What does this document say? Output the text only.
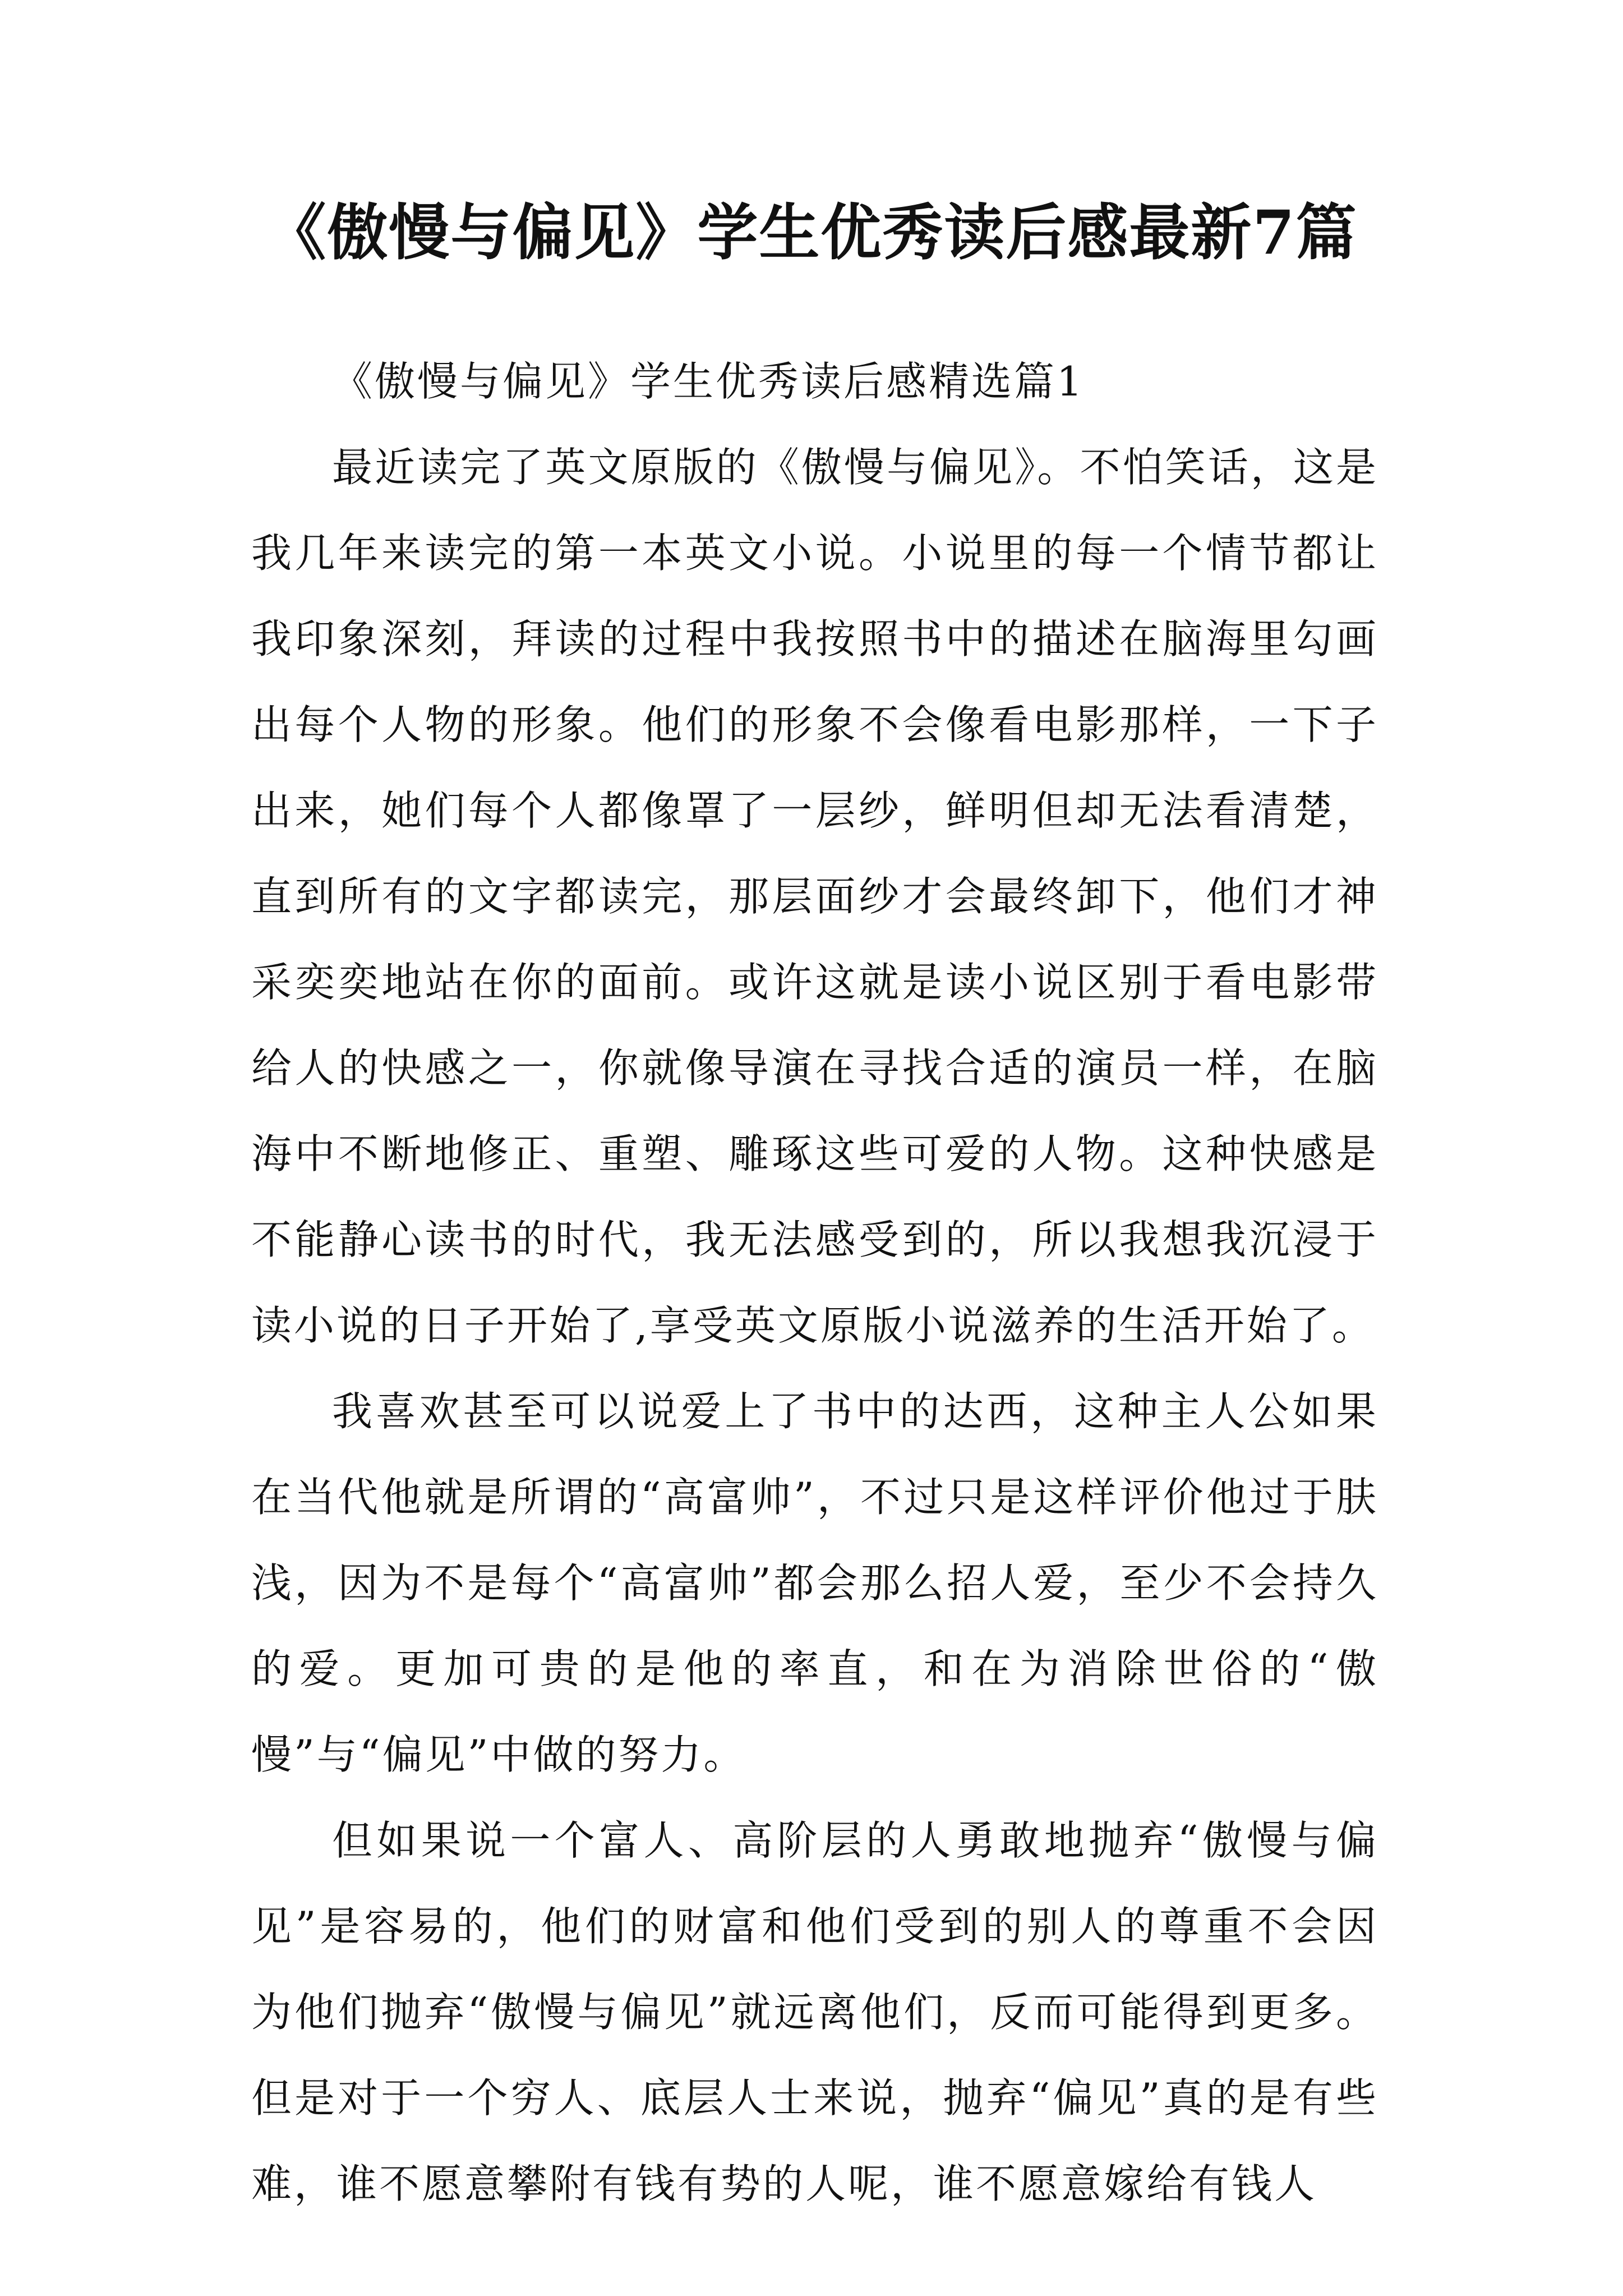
《傲慢与偏见》学生优秀读后感最新7篇

《傲慢与偏见》学生优秀读后感精选篇1

最近读完了英文原版的《傲慢与偏见》。不怕笑话，这是我几年来读完的第一本英文小说。小说里的每一个情节都让我印象深刻，拜读的过程中我按照书中的描述在脑海里勾画出每个人物的形象。他们的形象不会像看电影那样，一下子出来，她们每个人都像罩了一层纱，鲜明但却无法看清楚，直到所有的文字都读完，那层面纱才会最终卸下，他们才神采奕奕地站在你的面前。或许这就是读小说区别于看电影带给人的快感之一，你就像导演在寻找合适的演员一样，在脑海中不断地修正、重塑、雕琢这些可爱的人物。这种快感是不能静心读书的时代，我无法感受到的，所以我想我沉浸于读小说的日子开始了,享受英文原版小说滋养的生活开始了。

我喜欢甚至可以说爱上了书中的达西，这种主人公如果在当代他就是所谓的“高富帅”，不过只是这样评价他过于肤浅，因为不是每个“高富帅”都会那么招人爱，至少不会持久的爱。更加可贵的是他的率直，和在为消除世俗的“傲慢”与“偏见”中做的努力。

但如果说一个富人、高阶层的人勇敢地抛弃“傲慢与偏见”是容易的，他们的财富和他们受到的别人的尊重不会因为他们抛弃“傲慢与偏见”就远离他们，反而可能得到更多。但是对于一个穷人、底层人士来说，抛弃“偏见”真的是有些难，谁不愿意攀附有钱有势的人呢，谁不愿意嫁给有钱人
